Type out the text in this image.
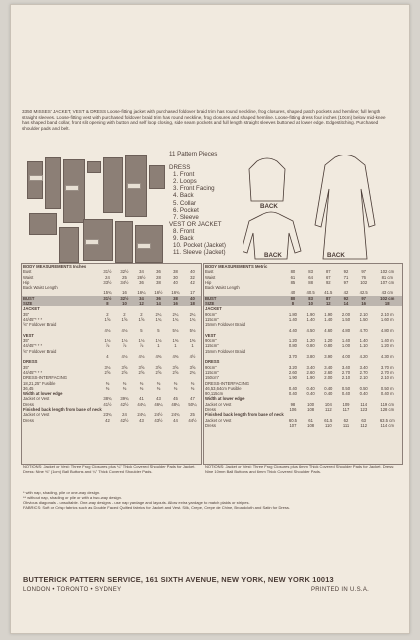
3350 MISSES' JACKET, VEST & DRESS Loose-fitting jacket with purchased foldover braid trim has round neckline, frog closures, shaped patch pockets and hemline; full length straight sleeves. Loose-fitting vest with purchased foldover braid trim has round neckline, frog closures and shaped hemline. Loose-fitting dress four inches (10cm) below mid-knee has shaped band collar, front slit opening with button and self loop closing, side seam pockets and full length straight sleeves buttoned at lower edge. Edgestitching. Purchased shoulder pads and belt.
11 Pattern Pieces
DRESS
1. Front
2. Loops
3. Front Facing
4. Back
5. Collar
6. Pocket
7. Sleeve
VEST OR JACKET
8. Front
9. Back
10. Pocket (Jacket)
11. Sleeve (Jacket)
BACK
BACK	BACK
BODY MEASUREMENTS Inches						
Bust	31½	32½	34	36	38	40
Waist	24	25	26½	28	30	32
Hip	33½	34½	36	38	40	42
Back Waist Length						
	15¾	16	16¼	16½	16¾	17
BUST	31½	32½	34	36	38	40
SIZE	8	10	12	14	16	18
JACKET						
35"	2	2	2	2¼	2¼	2¼
44/45"* * *	1⅝	1⅝	1⅝	1¾	1¾	1¾
⅝" Foldover Braid						
	4⅛	4⅛	5	5	5⅛	5⅛
VEST						
35"	1⅛	1⅛	1⅛	1⅛	1⅜	1⅜
44/45"* * *	⅞	⅞	⅞	1	1	1
⅝" Foldover Braid						
	4	4⅛	4⅛	4⅜	4⅜	4½
DRESS						
35"	3⅛	3⅝	3⅝	3⅝	3⅝	3⅝
44/45"* * *	2⅝	2⅝	2⅝	2⅝	2⅝	2¾
DRESS-INTERFACING						
18,21,25" Fusible	⅜	⅜	⅜	⅜	⅜	⅜
36,45	⅜	⅜	⅜	⅜	⅜	⅜
Width at lower edge						
Jacket or Vest	38¾	39¾	41	43	45	47
Dress	41½	42½	44¼	46¼	48¼	50¼
Finished back length from base of neck						
Jacket or Vest	23¾	24	24¼	24½	24¾	25
Dress	42	42½	43	43½	44	44½
BODY MEASUREMENTS Metric						
Bust	80	83	87	92	97	102 cm
Waist	61	64	67	71	76	81 cm
Hip	85	88	92	97	102	107 cm
Back Waist Length						
	40	40.5	41.5	42	42.5	43 cm
BUST	80	83	87	92	97	102 cm
SIZE	8	10	12	14	16	18
JACKET						
90cm"	1.80	1.90	1.90	2.00	2.10	2.10 m
115cm"	1.40	1.40	1.40	1.50	1.50	1.60 m
15mm Foldover Braid						
	4.40	4.50	4.60	4.80	4.70	4.80 m
VEST						
90cm"	1.20	1.20	1.20	1.40	1.40	1.40 m
115cm"	0.80	0.80	0.80	1.00	1.10	1.20 m
15mm Foldover Braid						
	3.70	3.80	3.90	4.00	4.20	4.30 m
DRESS						
90cm"	3.20	3.40	3.40	3.40	3.40	3.70 m
115cm"	2.60	2.60	2.60	2.70	2.70	2.70 m
150cm"	1.90	1.90	2.00	2.10	2.10	2.10 m
DRESS-INTERFACING						
46,53,64cm Fusible	0.40	0.40	0.40	0.50	0.50	0.50 m
90,115cm	0.40	0.40	0.40	0.40	0.40	0.40 m
Width at lower edge						
Jacket or Vest	98	100	104	109	114	119 cm
Dress	106	108	112	117	123	128 cm
Finished back length from base of neck						
Jacket or Vest	60.5	61	61.5	62	63	63.5 cm
Dress	107	108	110	111	112	114 cm
NOTIONS: Jacket or Vest: Three Frog Closures plus ¼" Thick Covered Shoulder Pads for Jacket. Dress: Nine ⅜" (1cm) Ball Buttons and ¼" Thick Covered Shoulder Pads.
NOTIONS: Jacket or Vest: Three Frog Closures plus 6mm Thick Covered Shoulder Pads for Jacket. Dress: Nine 10mm Ball Buttons and 6mm Thick Covered Shoulder Pads.
* with nap, shading, pile or one-way design.
** without nap, shading or pile or with a two-way design.
Obvious diagonals - unsuitable. One-way designs - use nap yardage and layouts. Allow extra yardage to match plaids or stripes.
FABRICS: Soft or Crisp fabrics such as Double Faced Quilted fabrics for Jacket and Vest. Silk, Crepe, Crepe de Chine, Broadcloth and Satin for Dress.
BUTTERICK PATTERN SERVICE, 161 SIXTH AVENUE, NEW YORK, NEW YORK 10013
LONDON • TORONTO • SYDNEY	PRINTED IN U.S.A.
